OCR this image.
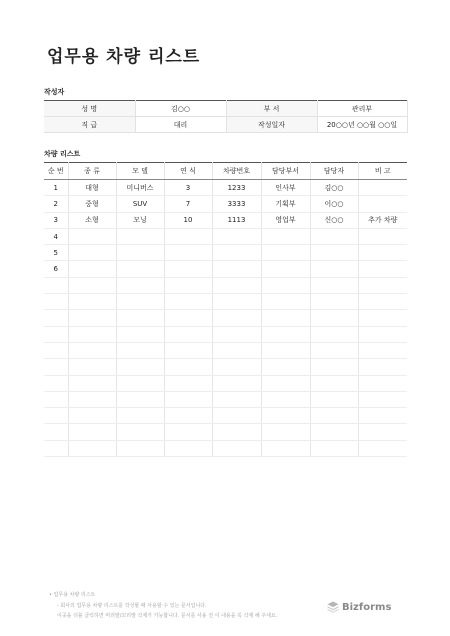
업무용 차량 리스트
작성자
성 명	김○○	부 서	관리부
직 급	대리	작성일자	20○○년 ○○월 ○○일
차량 리스트
순 번	종 류	모 델	연 식	차량번호	담당부서	담당자	비 고
1	대형	미니버스	3	1233	인사부	김○○	
2	중형	SUV	7	3333	기획부	이○○	
3	소형	모닝	10	1113	영업부	신○○	추가 차량
4							
5							
6							

• 업무용 차량 리스트
- 회사의 업무용 차량 리스트를 작성할 때 사용할 수 있는 문서입니다.
이곳을 더블 클릭하면 머리말/꼬리말 삭제가 가능합니다. 문서를 사용 전 이 내용을 꼭 삭제 해 주세요.
Bizforms
